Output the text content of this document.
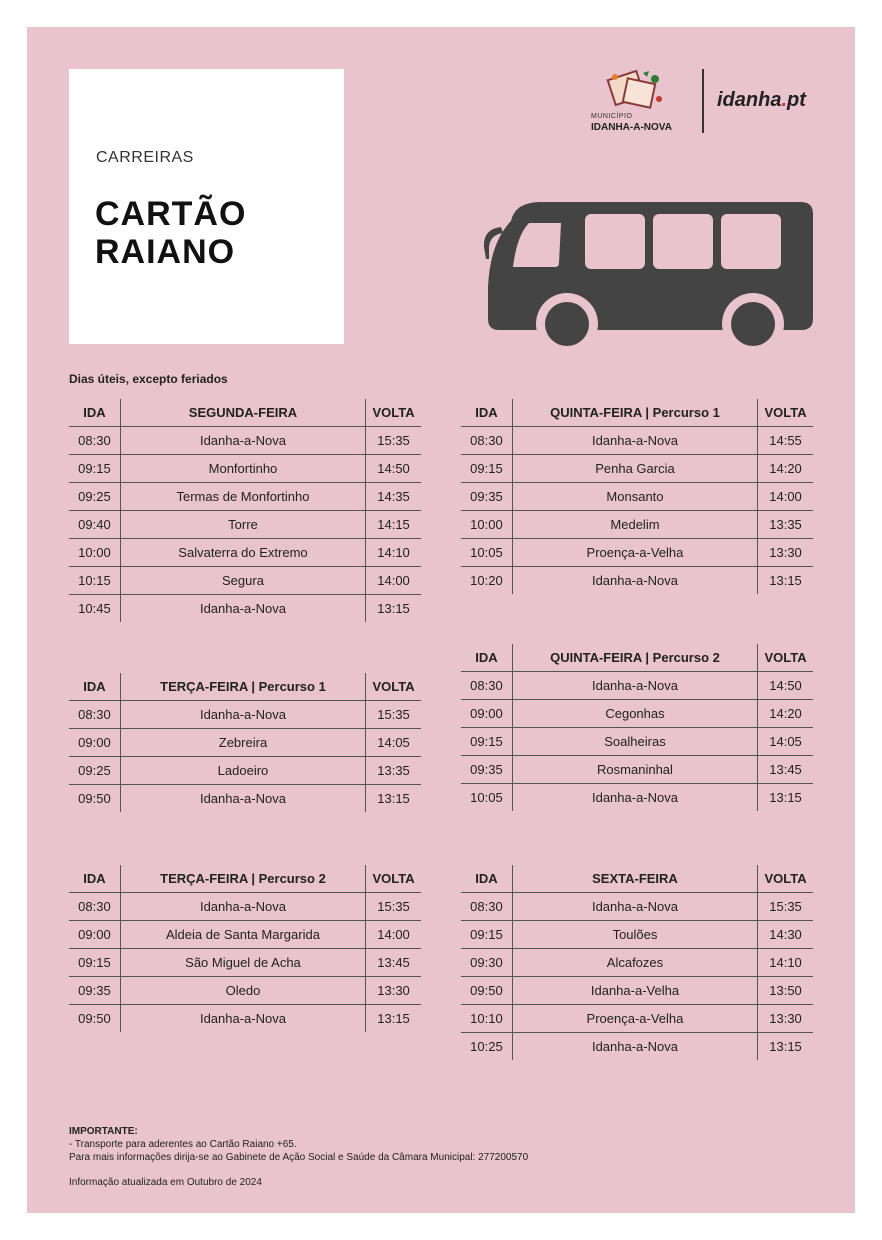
CARREIRAS
CARTÃO
RAIANO
MUNICÍPIO
IDANHA-A-NOVA
idanha.pt
Dias úteis, excepto feriados
IDA	SEGUNDA-FEIRA	VOLTA
08:30	Idanha-a-Nova	15:35
09:15	Monfortinho	14:50
09:25	Termas de Monfortinho	14:35
09:40	Torre	14:15
10:00	Salvaterra do Extremo	14:10
10:15	Segura	14:00
10:45	Idanha-a-Nova	13:15
IDA	QUINTA-FEIRA | Percurso 1	VOLTA
08:30	Idanha-a-Nova	14:55
09:15	Penha Garcia	14:20
09:35	Monsanto	14:00
10:00	Medelim	13:35
10:05	Proença-a-Velha	13:30
10:20	Idanha-a-Nova	13:15
IDA	QUINTA-FEIRA | Percurso 2	VOLTA
08:30	Idanha-a-Nova	14:50
09:00	Cegonhas	14:20
09:15	Soalheiras	14:05
09:35	Rosmaninhal	13:45
10:05	Idanha-a-Nova	13:15
IDA	TERÇA-FEIRA | Percurso 1	VOLTA
08:30	Idanha-a-Nova	15:35
09:00	Zebreira	14:05
09:25	Ladoeiro	13:35
09:50	Idanha-a-Nova	13:15
IDA	TERÇA-FEIRA | Percurso 2	VOLTA
08:30	Idanha-a-Nova	15:35
09:00	Aldeia de Santa Margarida	14:00
09:15	São Miguel de Acha	13:45
09:35	Oledo	13:30
09:50	Idanha-a-Nova	13:15
IDA	SEXTA-FEIRA	VOLTA
08:30	Idanha-a-Nova	15:35
09:15	Toulões	14:30
09:30	Alcafozes	14:10
09:50	Idanha-a-Velha	13:50
10:10	Proença-a-Velha	13:30
10:25	Idanha-a-Nova	13:15
IMPORTANTE:
- Transporte para aderentes ao Cartão Raiano +65.
Para mais informações dirija-se ao Gabinete de Ação Social e Saúde da Câmara Municipal: 277200570
Informação atualizada em Outubro de 2024
